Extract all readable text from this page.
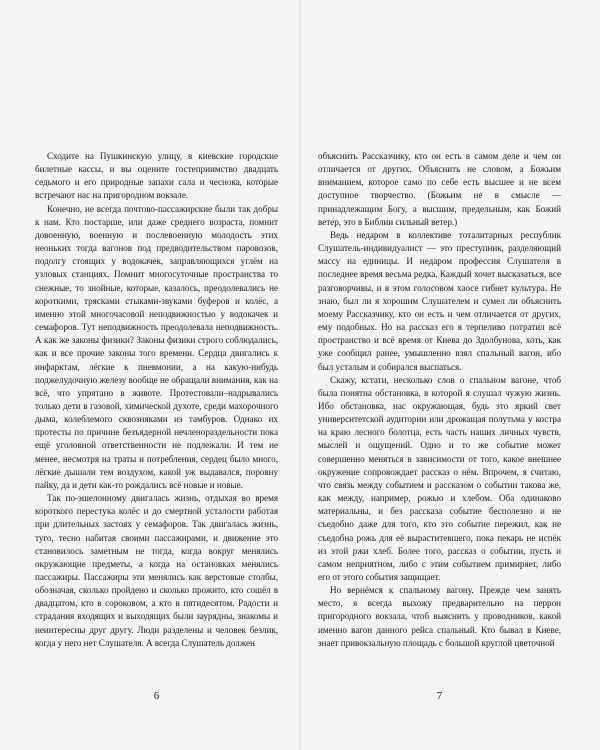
Сходите на Пушкинскую улицу, в киевские городские билетные кассы, и вы оцените гостеприимство двадцать седьмого и его природные запахи сала и чеснока, которые встречают нас на пригородном вокзале.

Конечно, не всегда почтово-пассажирские были так добры к нам. Кто постарше, или даже среднего возраста, помнит довоенную, военную и послевоенную молодость этих неоньких тогда вагонов под предводительством паровозов, подолгу стоящих у водокачек, заправляющихся углём на узловых станциях. Помнит многосуточные пространства то снежные, то знойные, которые, казалось, преодолевались не короткими, трясками стыками-звуками буферов и колёс, а именно этой многочасовой неподвижностью у водокачек и семафоров. Тут неподвижность преодолевала неподвижность. А как же законы физики? Законы физики строго соблюдались, как и все прочие законы того времени. Сердца двигались к инфарктам, лёгкие к пневмонии, а на какую-нибудь поджелудочную железу вообще не обращали внимания, как на всё, что упрятано в животе. Протестовали–надрывались только дети в газовой, химической духоте, среди махорочного дыма, колеблемого сквозняками из тамбуров. Однако их протесты по причине безъядерной нечленораздельности пока ещё уголовной ответственности не подлежали. И тем не менее, несмотря на траты и потребления, сердец было много, лёгкие дышали тем воздухом, какой уж выдавался, поровну пайку, да и дети как-то рождались всё новые и новые.

Так по-эшелонному двигалась жизнь, отдыхая во время короткого перестука колёс и до смертной усталости работая при длительных застоях у семафоров. Так двигалась жизнь, туго, тесно набитая своими пассажирами, и движение это становилось заметным не тогда, когда вокруг менялись окружающие предметы, а когда на остановках менялись пассажиры. Пассажиры эти менялись как верстовые столбы, обозначая, сколько пройдено и сколько прожито, кто сошёл в двадцатом, кто в сороковом, а кто в пятидесятом. Радости и страдания входящих и выходящих были заурядны, знакомы и неинтересны друг другу. Люди разделены и человек безлик, когда у него нет Слушателя. А всегда Слушатель должен

6

объяснить Рассказчику, кто он есть в самом деле и чем он отличается от других. Объяснить не словом, а Божьим вниманием, которое само по себе есть высшее и не всем доступное творчество. (Божьим не в смысле — принадлежащим Богу, а высшим, предельным, как Божий ветер, это в Библии сильный ветер.)

Ведь недаром в коллективе тоталитарных республик Слушатель-индивидуалист — это преступник, разделяющий массу на единицы. И недаром профессия Слушателя в последнее время весьма редка. Каждый хочет высказаться, все разговорчивы, и в этом голосовом хаосе гибнет культура. Не знаю, был ли я хорошим Слушателем и сумел ли объяснить моему Рассказчику, кто он есть и чем отличается от других, ему подобных. Но на рассказ его я терпеливо потратил всё пространство и всё время от Киева до Здолбунова, хоть, как уже сообщил ранее, умышленно взял спальный вагон, ибо был усталым и собирался выспаться.

Скажу, кстати, несколько слов о спальном вагоне, чтоб была понятна обстановка, в которой я слушал чужую жизнь. Ибо обстановка, нас окружающая, будь это яркий свет университетской аудитории или дрожащая полутьма у костра на краю лесного болотца, есть часть наших личных чувств, мыслей и ощущений. Одно и то же событие может совершенно меняться в зависимости от того, какое внешнее окружение сопровождает рассказ о нём. Впрочем, я считаю, что связь между событием и рассказом о событии такова же, как между, например, рожью и хлебом. Оба одинаково материальны, и без рассказа событие бесполезно и не съедобно даже для того, кто это событие пережил, как не съедобна рожь для её выраститевшего, пока пекарь не испёк из этой ржи хлеб. Более того, рассказ о событии, пусть и самом неприятном, либо с этим событием примиряет, либо его от этого события защищает.

Но вернёмся к спальному вагону. Прежде чем занять место, я всегда выхожу предварительно на перрон пригородного вокзала, чтоб выяснить у проводников, какой именно вагон данного рейса спальный. Кто бывал в Киеве, знает привокзальную площадь с большой круглой цветочной

7
